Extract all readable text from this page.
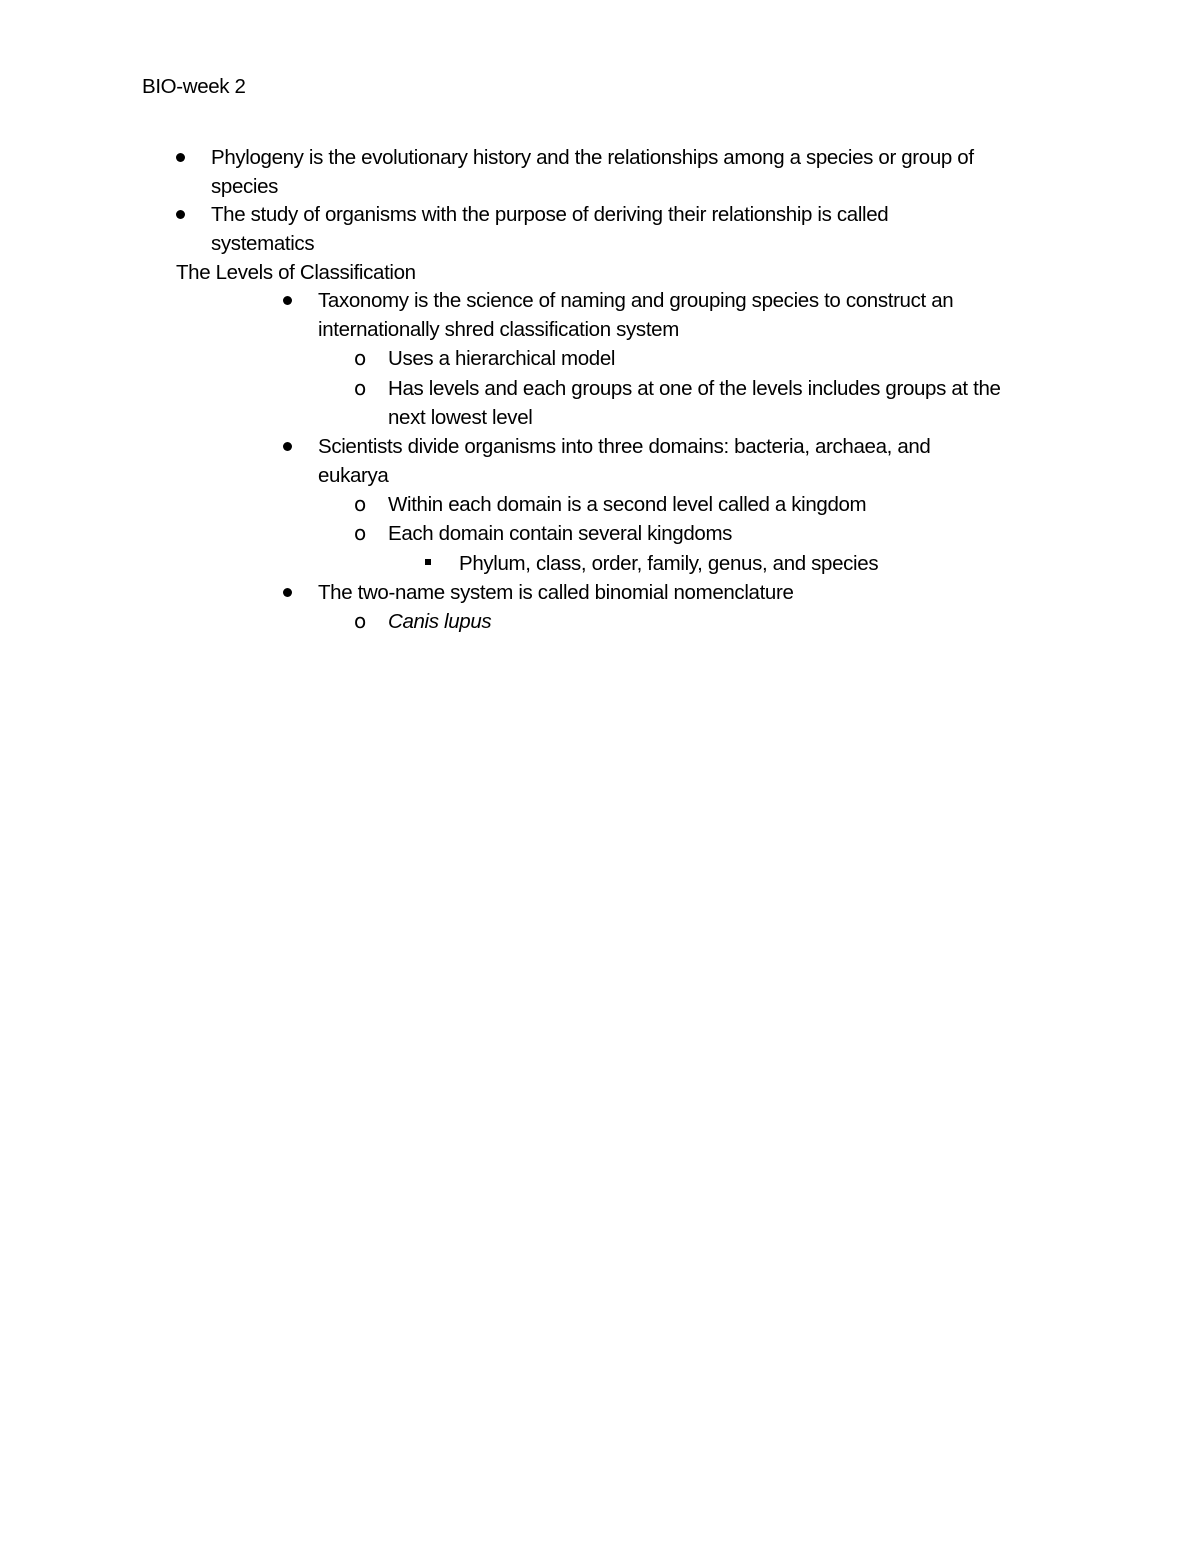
BIO-week 2
Phylogeny is the evolutionary history and the relationships among a species or group of
species
The study of organisms with the purpose of deriving their relationship is called
systematics
The Levels of Classification
Taxonomy is the science of naming and grouping species to construct an
internationally shred classification system
o Uses a hierarchical model
o Has levels and each groups at one of the levels includes groups at the
next lowest level
Scientists divide organisms into three domains: bacteria, archaea, and
eukarya
o Within each domain is a second level called a kingdom
o Each domain contain several kingdoms
Phylum, class, order, family, genus, and species
The two-name system is called binomial nomenclature
o Canis lupus
